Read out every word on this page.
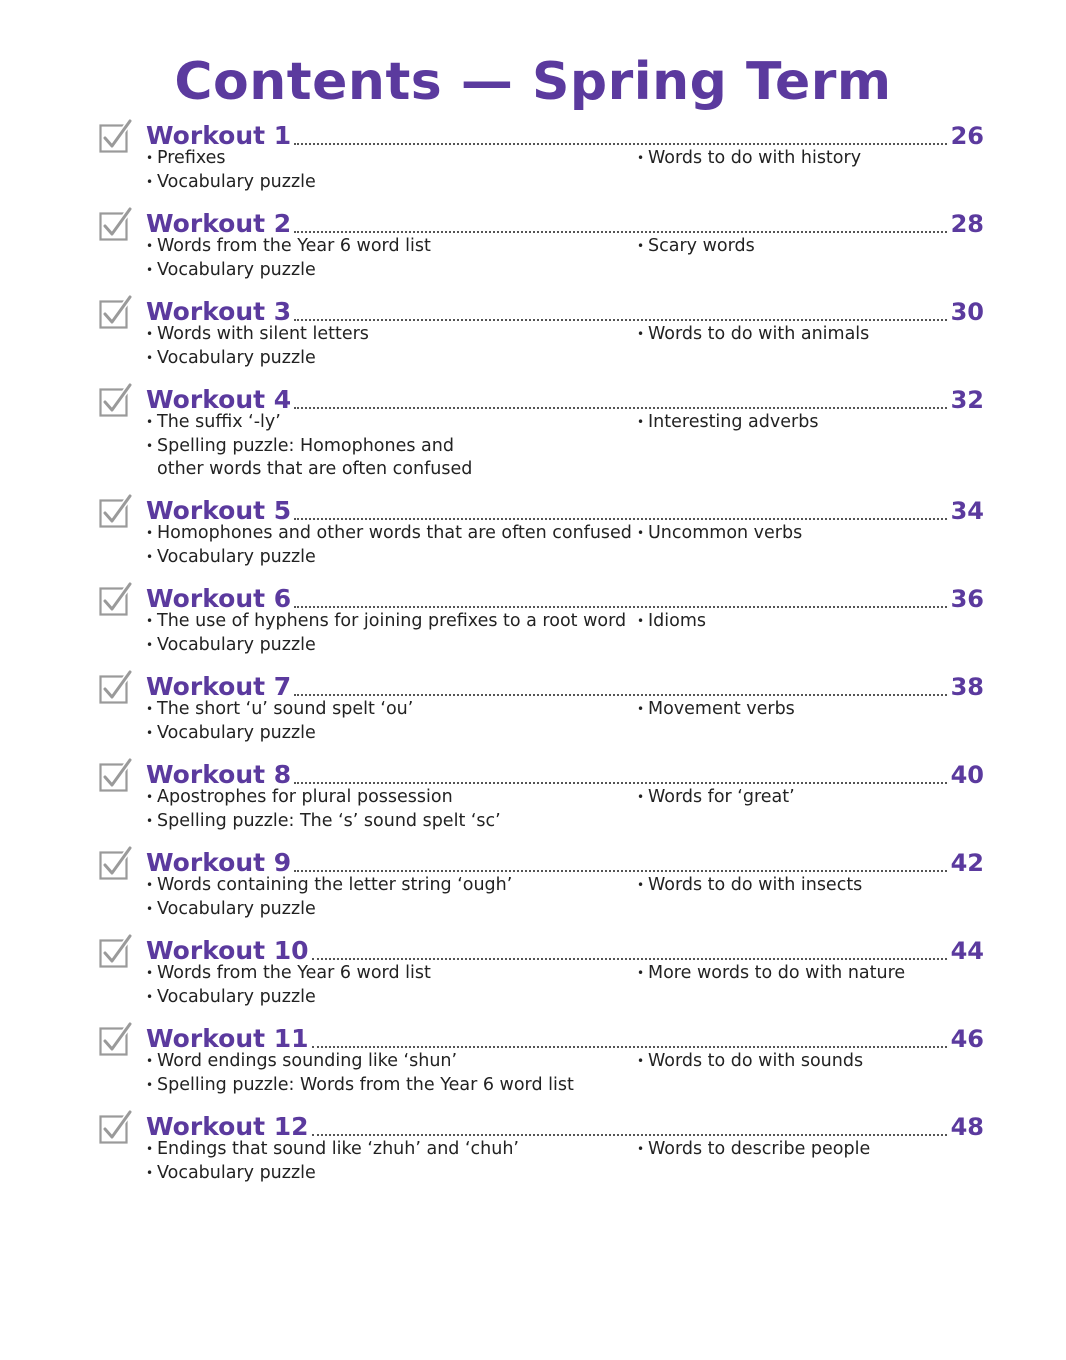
Contents — Spring Term
Workout 1	26
• Prefixes
• Vocabulary puzzle
• Words to do with history
Workout 2	28
• Words from the Year 6 word list
• Vocabulary puzzle
• Scary words
Workout 3	30
• Words with silent letters
• Vocabulary puzzle
• Words to do with animals
Workout 4	32
• The suffix ‘-ly’
• Spelling puzzle: Homophones and other words that are often confused
• Interesting adverbs
Workout 5	34
• Homophones and other words that are often confused
• Vocabulary puzzle
• Uncommon verbs
Workout 6	36
• The use of hyphens for joining prefixes to a root word
• Vocabulary puzzle
• Idioms
Workout 7	38
• The short ‘u’ sound spelt ‘ou’
• Vocabulary puzzle
• Movement verbs
Workout 8	40
• Apostrophes for plural possession
• Spelling puzzle: The ‘s’ sound spelt ‘sc’
• Words for ‘great’
Workout 9	42
• Words containing the letter string ‘ough’
• Vocabulary puzzle
• Words to do with insects
Workout 10	44
• Words from the Year 6 word list
• Vocabulary puzzle
• More words to do with nature
Workout 11	46
• Word endings sounding like ‘shun’
• Spelling puzzle: Words from the Year 6 word list
• Words to do with sounds
Workout 12	48
• Endings that sound like ‘zhuh’ and ‘chuh’
• Vocabulary puzzle
• Words to describe people
